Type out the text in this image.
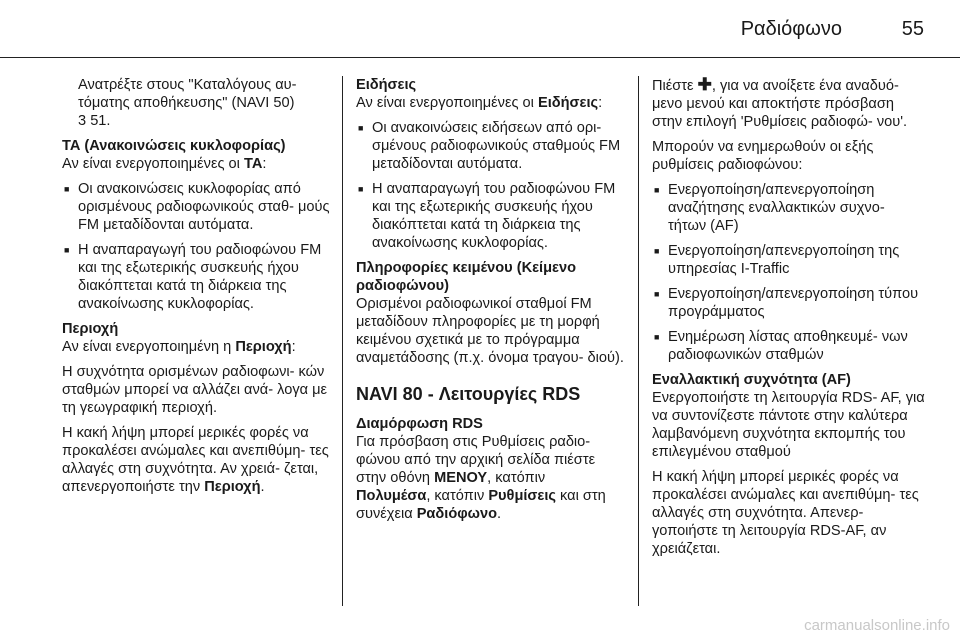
Ραδιόφωνο	55

Ανατρέξτε στους "Καταλόγους αυ- τόματης αποθήκευσης" (NAVI 50)
3 51.

ΤΑ (Ανακοινώσεις κυκλοφορίας)

Αν είναι ενεργοποιημένες οι ΤΑ:

■ Οι ανακοινώσεις κυκλοφορίας από ορισμένους ραδιοφωνικούς σταθ- μούς FM μεταδίδονται αυτόματα.
■ Η αναπαραγωγή του ραδιοφώνου FM και της εξωτερικής συσκευής ήχου διακόπτεται κατά τη διάρκεια της ανακοίνωσης κυκλοφορίας.

Περιοχή

Αν είναι ενεργοποιημένη η Περιοχή:

Η συχνότητα ορισμένων ραδιοφωνι- κών σταθμών μπορεί να αλλάζει ανά- λογα με τη γεωγραφική περιοχή.

Η κακή λήψη μπορεί μερικές φορές να προκαλέσει ανώμαλες και ανεπιθύμη- τες αλλαγές στη συχνότητα. Αν χρειά- ζεται, απενεργοποιήστε την Περιοχή.

Ειδήσεις

Αν είναι ενεργοποιημένες οι Ειδήσεις:

■ Οι ανακοινώσεις ειδήσεων από ορι- σμένους ραδιοφωνικούς σταθμούς FM μεταδίδονται αυτόματα.
■ Η αναπαραγωγή του ραδιοφώνου FM και της εξωτερικής συσκευής ήχου διακόπτεται κατά τη διάρκεια της ανακοίνωσης κυκλοφορίας.

Πληροφορίες κειμένου (Κείμενο ραδιοφώνου)

Ορισμένοι ραδιοφωνικοί σταθμοί FM μεταδίδουν πληροφορίες με τη μορφή κειμένου σχετικά με το πρόγραμμα αναμετάδοσης (π.χ. όνομα τραγου- διού).

NAVI 80 - Λειτουργίες RDS

Διαμόρφωση RDS

Για πρόσβαση στις Ρυθμίσεις ραδιο- φώνου από την αρχική σελίδα πιέστε στην οθόνη ΜΕΝΟΥ, κατόπιν
Πολυμέσα, κατόπιν Ρυθμίσεις και στη συνέχεια Ραδιόφωνο.

Πιέστε ✚, για να ανοίξετε ένα αναδυό- μενο μενού και αποκτήστε πρόσβαση στην επιλογή 'Ρυθμίσεις ραδιοφώ- νου'.

Μπορούν να ενημερωθούν οι εξής ρυθμίσεις ραδιοφώνου:

■ Ενεργοποίηση/απενεργοποίηση αναζήτησης εναλλακτικών συχνο- τήτων (AF)
■ Ενεργοποίηση/απενεργοποίηση της υπηρεσίας I-Traffic
■ Ενεργοποίηση/απενεργοποίηση τύπου προγράμματος
■ Ενημέρωση λίστας αποθηκευμέ- νων ραδιοφωνικών σταθμών

Εναλλακτική συχνότητα (AF)

Ενεργοποιήστε τη λειτουργία RDS- AF, για να συντονίζεστε πάντοτε στην καλύτερα λαμβανόμενη συχνότητα εκπομπής του επιλεγμένου σταθμού

Η κακή λήψη μπορεί μερικές φορές να προκαλέσει ανώμαλες και ανεπιθύμη- τες αλλαγές στη συχνότητα. Απενερ- γοποιήστε τη λειτουργία RDS-AF, αν χρειάζεται.

carmanualsonline.info
